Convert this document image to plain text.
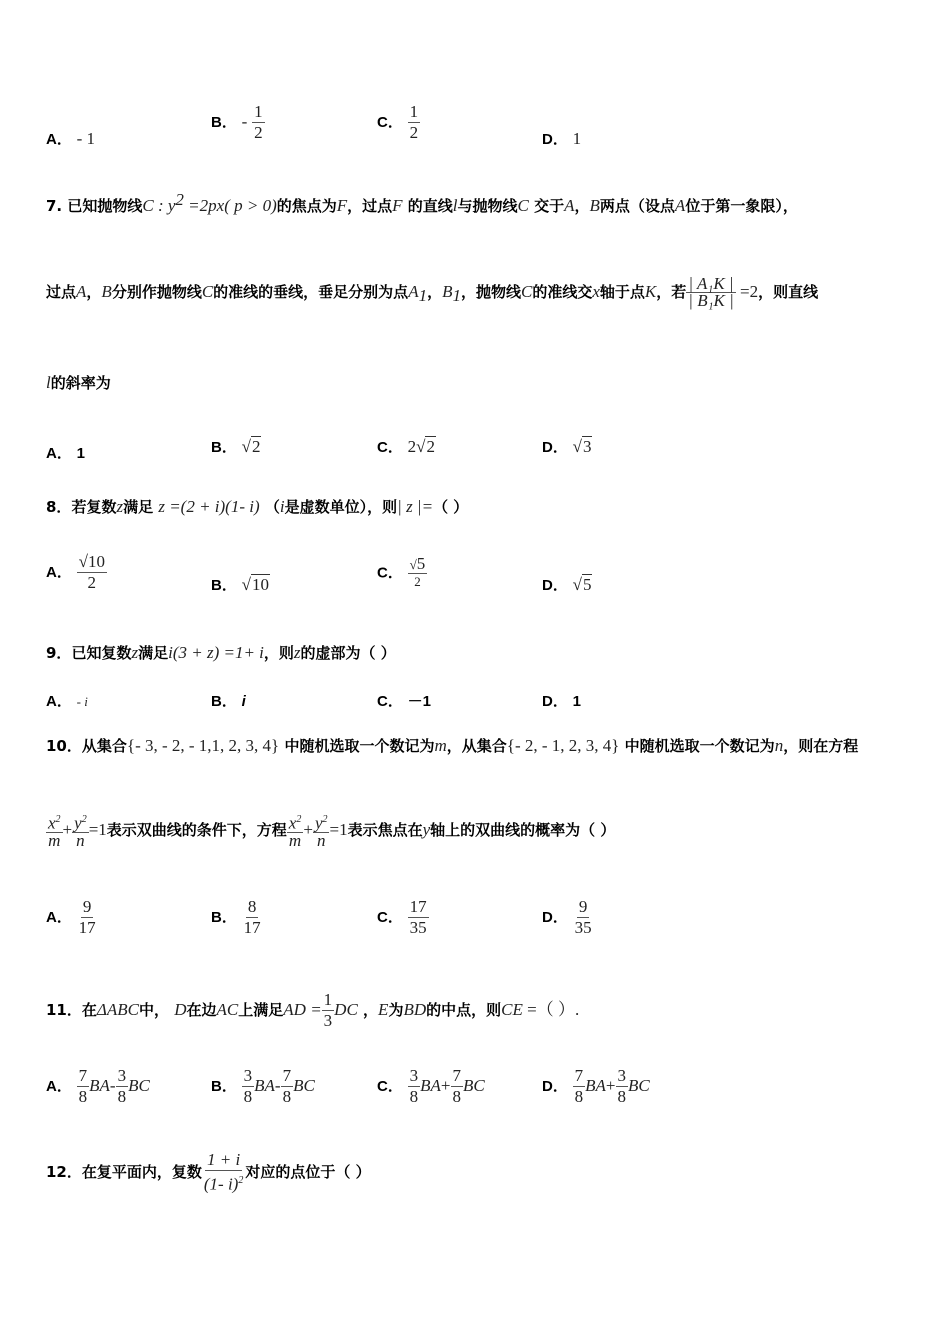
A． - 1
B． - $\frac{1}{2}$	C． $\frac{1}{2}$	D． 1
7. 已知抛物线C : $y^2 =2px$( p > 0)的焦点为F，过点F 的直线l与抛物线C 交于A，B两点（设点A位于第一象限），
过点A，B分别作抛物线C的准线的垂线，垂足分别为点$A_1$，$B_1$，抛物线C的准线交x轴于点K，若 $\frac{\text{| A₁K |}}{\text{| B₁K |}} =2$，则直线
l的斜率为
A． 1	B． √2	C． 2√2	D． √3
8．若复数z满足 z =(2 + i)(1- i) （i是虚数单位），则| z |=（ ）
A． $\frac{√10}{2}$	B． √10
C． $\frac{√5}{2}$	D． √5
9．已知复数z满足i(3 + z) =1+ i，则z的虚部为（ ）
A． - i	B． i	C． －1	D． 1
10．从集合{- 3, - 2, - 1,1, 2, 3, 4} 中随机选取一个数记为m，从集合{- 2, - 1, 2, 3, 4} 中随机选取一个数记为n，则在方程
$\frac{x^2}{m} + \frac{y^2}{n} =1$表示双曲线的条件下，方程 $\frac{x^2}{m} + \frac{y^2}{n} =1$表示焦点在y轴上的双曲线的概率为（ ）
A． $\frac{9}{17}$	B． $\frac{8}{17}$	C． $\frac{17}{35}$	D． $\frac{9}{35}$
11．在ΔABC中， D在边AC上满足AD = $\frac{1}{3}$ DC ，E为BD的中点，则CE =（ ）.
A． $\frac{7}{8} BA- \frac{3}{8}$ BC	B． $\frac{3}{8} BA- \frac{7}{8}$ BC	C． $\frac{3}{8} BA+ \frac{7}{8}$ BC	D． $\frac{7}{8} BA+ \frac{3}{8}$ BC
12．在复平面内，复数 $\frac{1 + i}{(1- i)^2}$ 对应的点位于（ ）
